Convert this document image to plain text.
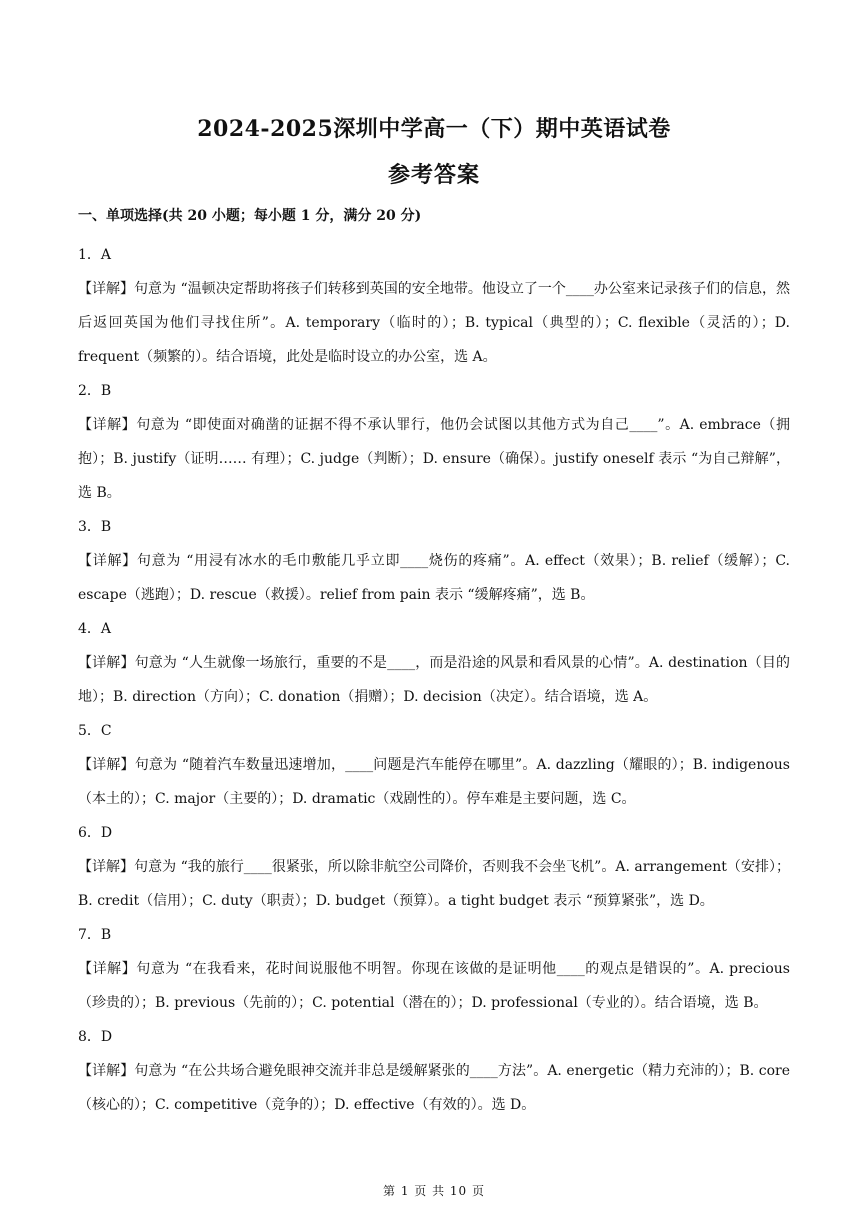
2024-2025深圳中学高一（下）期中英语试卷
参考答案
一、单项选择(共 20 小题；每小题 1 分，满分 20 分)

1．A

【详解】句意为 “温顿决定帮助将孩子们转移到英国的安全地带。他设立了一个____办公室来记录孩子们的信息，然后返回英国为他们寻找住所”。A. temporary（临时的）；B. typical（典型的）；C. flexible（灵活的）；D. frequent（频繁的）。结合语境，此处是临时设立的办公室，选 A。

2．B

【详解】句意为 “即使面对确凿的证据不得不承认罪行，他仍会试图以其他方式为自己____”。A. embrace（拥抱）；B. justify（证明…… 有理）；C. judge（判断）；D. ensure（确保）。justify oneself 表示 “为自己辩解”，选 B。

3．B

【详解】句意为 “用浸有冰水的毛巾敷能几乎立即____烧伤的疼痛”。A. effect（效果）；B. relief（缓解）；C. escape（逃跑）；D. rescue（救援）。relief from pain 表示 “缓解疼痛”，选 B。

4．A

【详解】句意为 “人生就像一场旅行，重要的不是____，而是沿途的风景和看风景的心情”。A. destination（目的地）；B. direction（方向）；C. donation（捐赠）；D. decision（决定）。结合语境，选 A。

5．C

【详解】句意为 “随着汽车数量迅速增加，____问题是汽车能停在哪里”。A. dazzling（耀眼的）；B. indigenous（本土的）；C. major（主要的）；D. dramatic（戏剧性的）。停车难是主要问题，选 C。

6．D

【详解】句意为 “我的旅行____很紧张，所以除非航空公司降价，否则我不会坐飞机”。A. arrangement（安排）；B. credit（信用）；C. duty（职责）；D. budget（预算）。a tight budget 表示 “预算紧张”，选 D。

7．B

【详解】句意为 “在我看来，花时间说服他不明智。你现在该做的是证明他____的观点是错误的”。A. precious（珍贵的）；B. previous（先前的）；C. potential（潜在的）；D. professional（专业的）。结合语境，选 B。

8．D

【详解】句意为 “在公共场合避免眼神交流并非总是缓解紧张的____方法”。A. energetic（精力充沛的）；B. core（核心的）；C. competitive（竞争的）；D. effective（有效的）。选 D。

第 1 页 共 10 页
